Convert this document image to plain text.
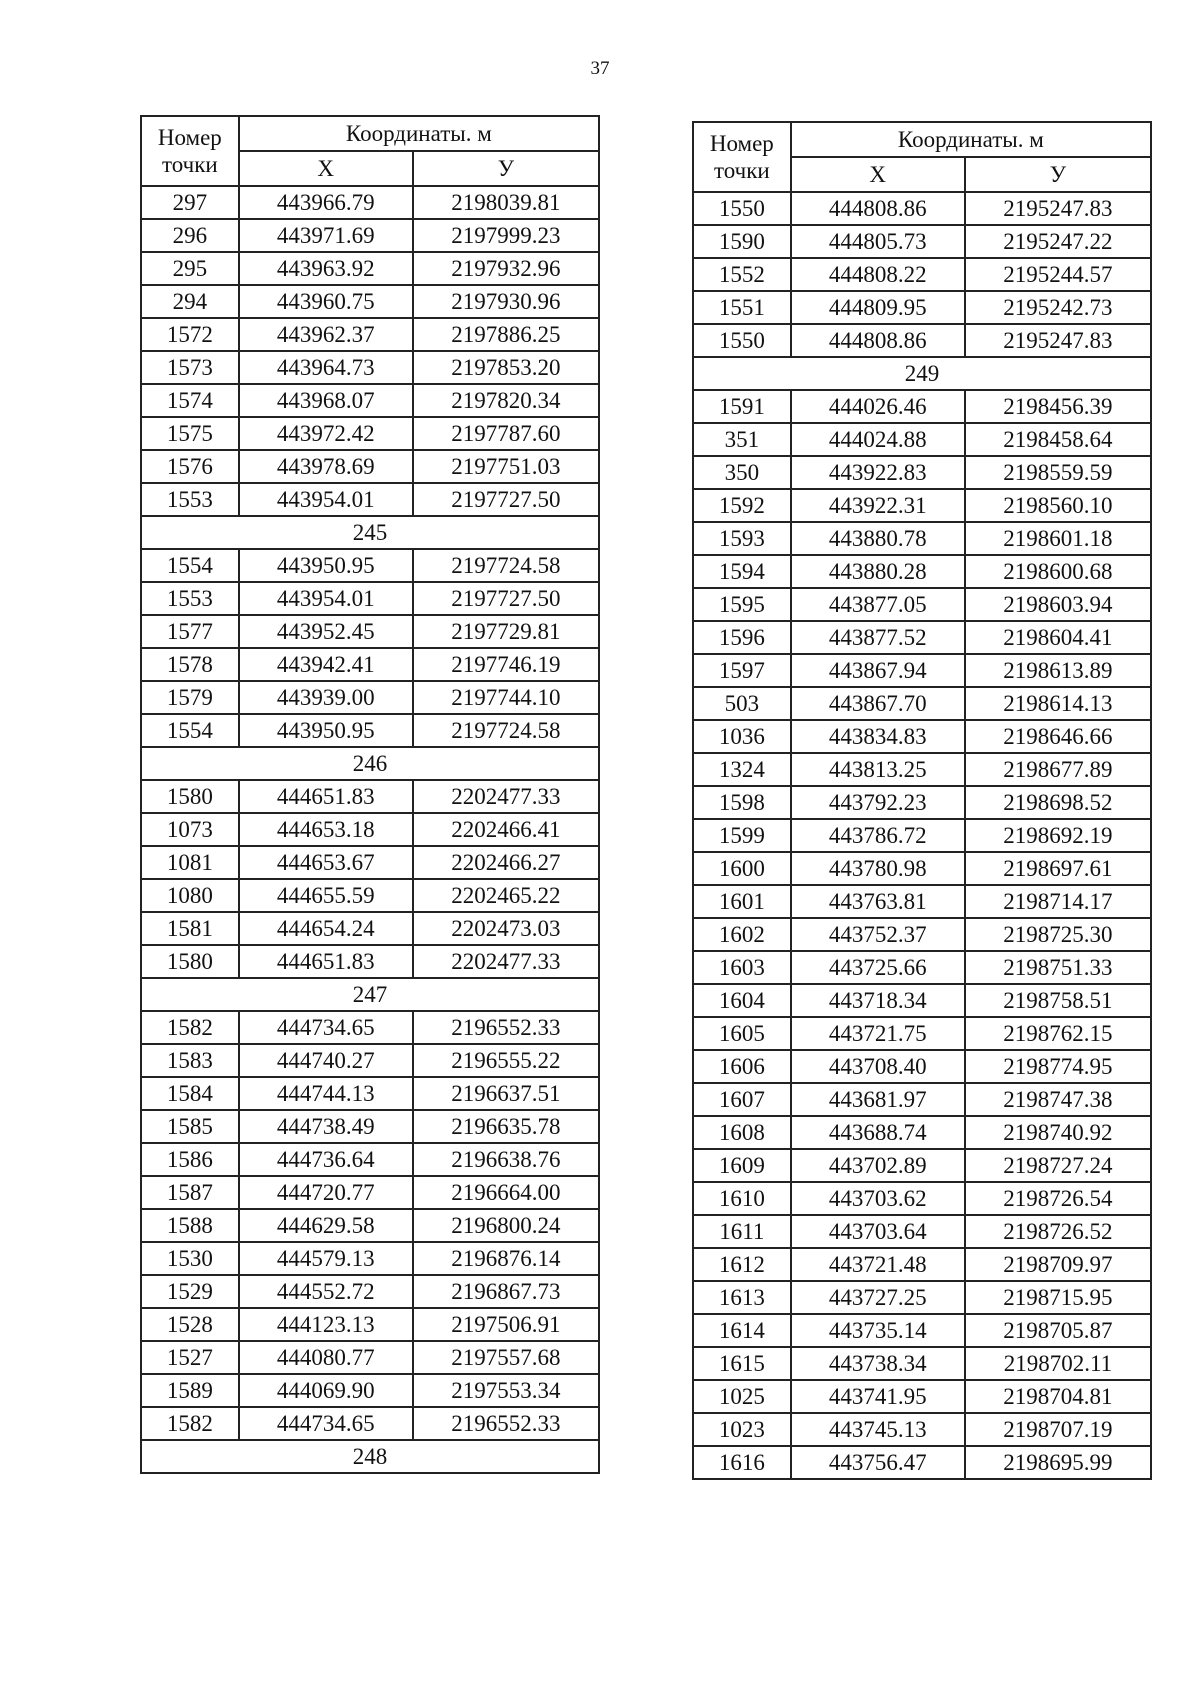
37
Номер точки	Координаты. м	
	X	У
297	443966.79	2198039.81
296	443971.69	2197999.23
295	443963.92	2197932.96
294	443960.75	2197930.96
1572	443962.37	2197886.25
1573	443964.73	2197853.20
1574	443968.07	2197820.34
1575	443972.42	2197787.60
1576	443978.69	2197751.03
1553	443954.01	2197727.50
245		
1554	443950.95	2197724.58
1553	443954.01	2197727.50
1577	443952.45	2197729.81
1578	443942.41	2197746.19
1579	443939.00	2197744.10
1554	443950.95	2197724.58
246		
1580	444651.83	2202477.33
1073	444653.18	2202466.41
1081	444653.67	2202466.27
1080	444655.59	2202465.22
1581	444654.24	2202473.03
1580	444651.83	2202477.33
247		
1582	444734.65	2196552.33
1583	444740.27	2196555.22
1584	444744.13	2196637.51
1585	444738.49	2196635.78
1586	444736.64	2196638.76
1587	444720.77	2196664.00
1588	444629.58	2196800.24
1530	444579.13	2196876.14
1529	444552.72	2196867.73
1528	444123.13	2197506.91
1527	444080.77	2197557.68
1589	444069.90	2197553.34
1582	444734.65	2196552.33
248		
Номер точки	Координаты. м	
	X	У
1550	444808.86	2195247.83
1590	444805.73	2195247.22
1552	444808.22	2195244.57
1551	444809.95	2195242.73
1550	444808.86	2195247.83
249		
1591	444026.46	2198456.39
351	444024.88	2198458.64
350	443922.83	2198559.59
1592	443922.31	2198560.10
1593	443880.78	2198601.18
1594	443880.28	2198600.68
1595	443877.05	2198603.94
1596	443877.52	2198604.41
1597	443867.94	2198613.89
503	443867.70	2198614.13
1036	443834.83	2198646.66
1324	443813.25	2198677.89
1598	443792.23	2198698.52
1599	443786.72	2198692.19
1600	443780.98	2198697.61
1601	443763.81	2198714.17
1602	443752.37	2198725.30
1603	443725.66	2198751.33
1604	443718.34	2198758.51
1605	443721.75	2198762.15
1606	443708.40	2198774.95
1607	443681.97	2198747.38
1608	443688.74	2198740.92
1609	443702.89	2198727.24
1610	443703.62	2198726.54
1611	443703.64	2198726.52
1612	443721.48	2198709.97
1613	443727.25	2198715.95
1614	443735.14	2198705.87
1615	443738.34	2198702.11
1025	443741.95	2198704.81
1023	443745.13	2198707.19
1616	443756.47	2198695.99
